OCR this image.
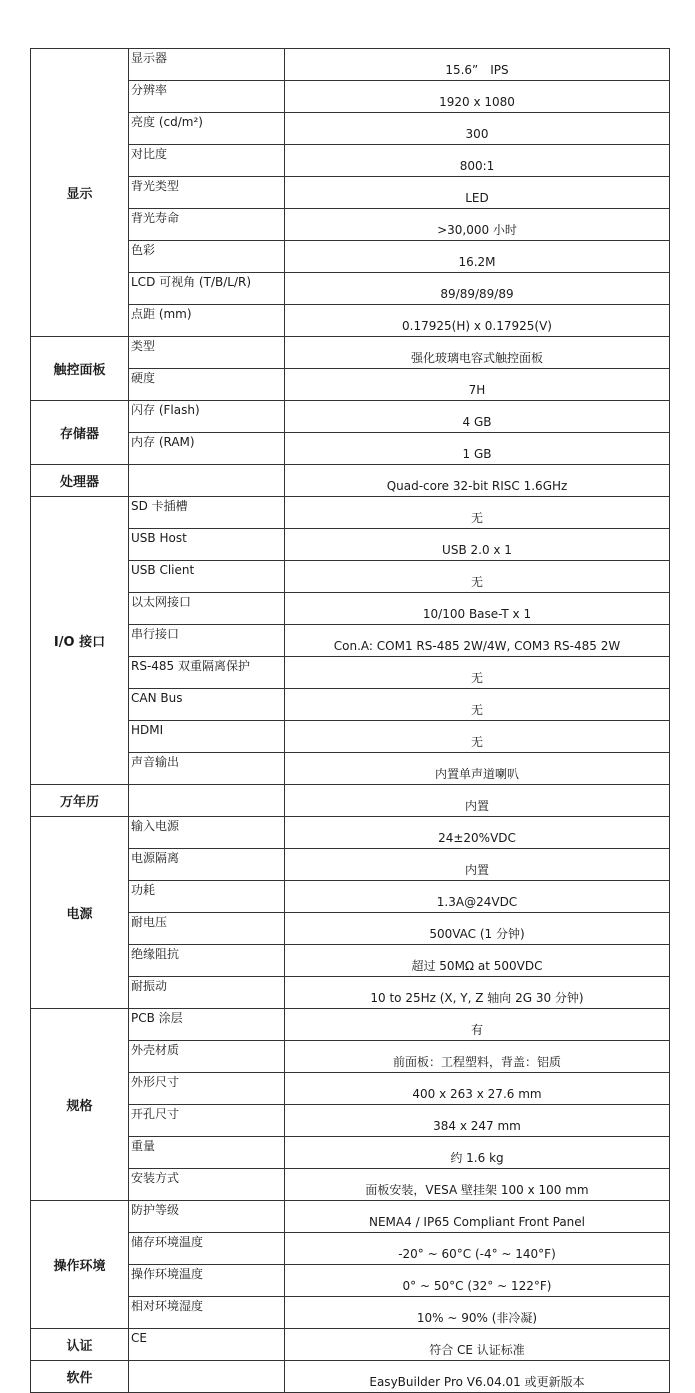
显示	显示器	15.6”　IPS
	分辨率	1920 x 1080
	亮度 (cd/m²)	300
	对比度	800:1
	背光类型	LED
	背光寿命	>30,000 小时
	色彩	16.2M
	LCD 可视角 (T/B/L/R)	89/89/89/89
	点距 (mm)	0.17925(H) x 0.17925(V)
触控面板	类型	强化玻璃电容式触控面板
	硬度	7H
存储器	闪存 (Flash)	4 GB
	内存 (RAM)	1 GB
处理器		Quad-core 32-bit RISC 1.6GHz
I/O 接口	SD 卡插槽	无
	USB Host	USB 2.0 x 1
	USB Client	无
	以太网接口	10/100 Base-T x 1
	串行接口	Con.A: COM1 RS-485 2W/4W, COM3 RS-485 2W
	RS-485 双重隔离保护	无
	CAN Bus	无
	HDMI	无
	声音输出	内置单声道喇叭
万年历		内置
电源	输入电源	24±20%VDC
	电源隔离	内置
	功耗	1.3A@24VDC
	耐电压	500VAC (1 分钟)
	绝缘阻抗	超过 50MΩ at 500VDC
	耐振动	10 to 25Hz (X, Y, Z 轴向 2G 30 分钟)
规格	PCB 涂层	有
	外壳材质	前面板：工程塑料，背盖：铝质
	外形尺寸	400 x 263 x 27.6 mm
	开孔尺寸	384 x 247 mm
	重量	约 1.6 kg
	安装方式	面板安装，VESA 壁挂架 100 x 100 mm
操作环境	防护等级	NEMA4 / IP65 Compliant Front Panel
	储存环境温度	-20° ~ 60°C (-4° ~ 140°F)
	操作环境温度	0° ~ 50°C (32° ~ 122°F)
	相对环境湿度	10% ~ 90% (非冷凝)
认证	CE	符合 CE 认证标准
软件		EasyBuilder Pro V6.04.01 或更新版本
